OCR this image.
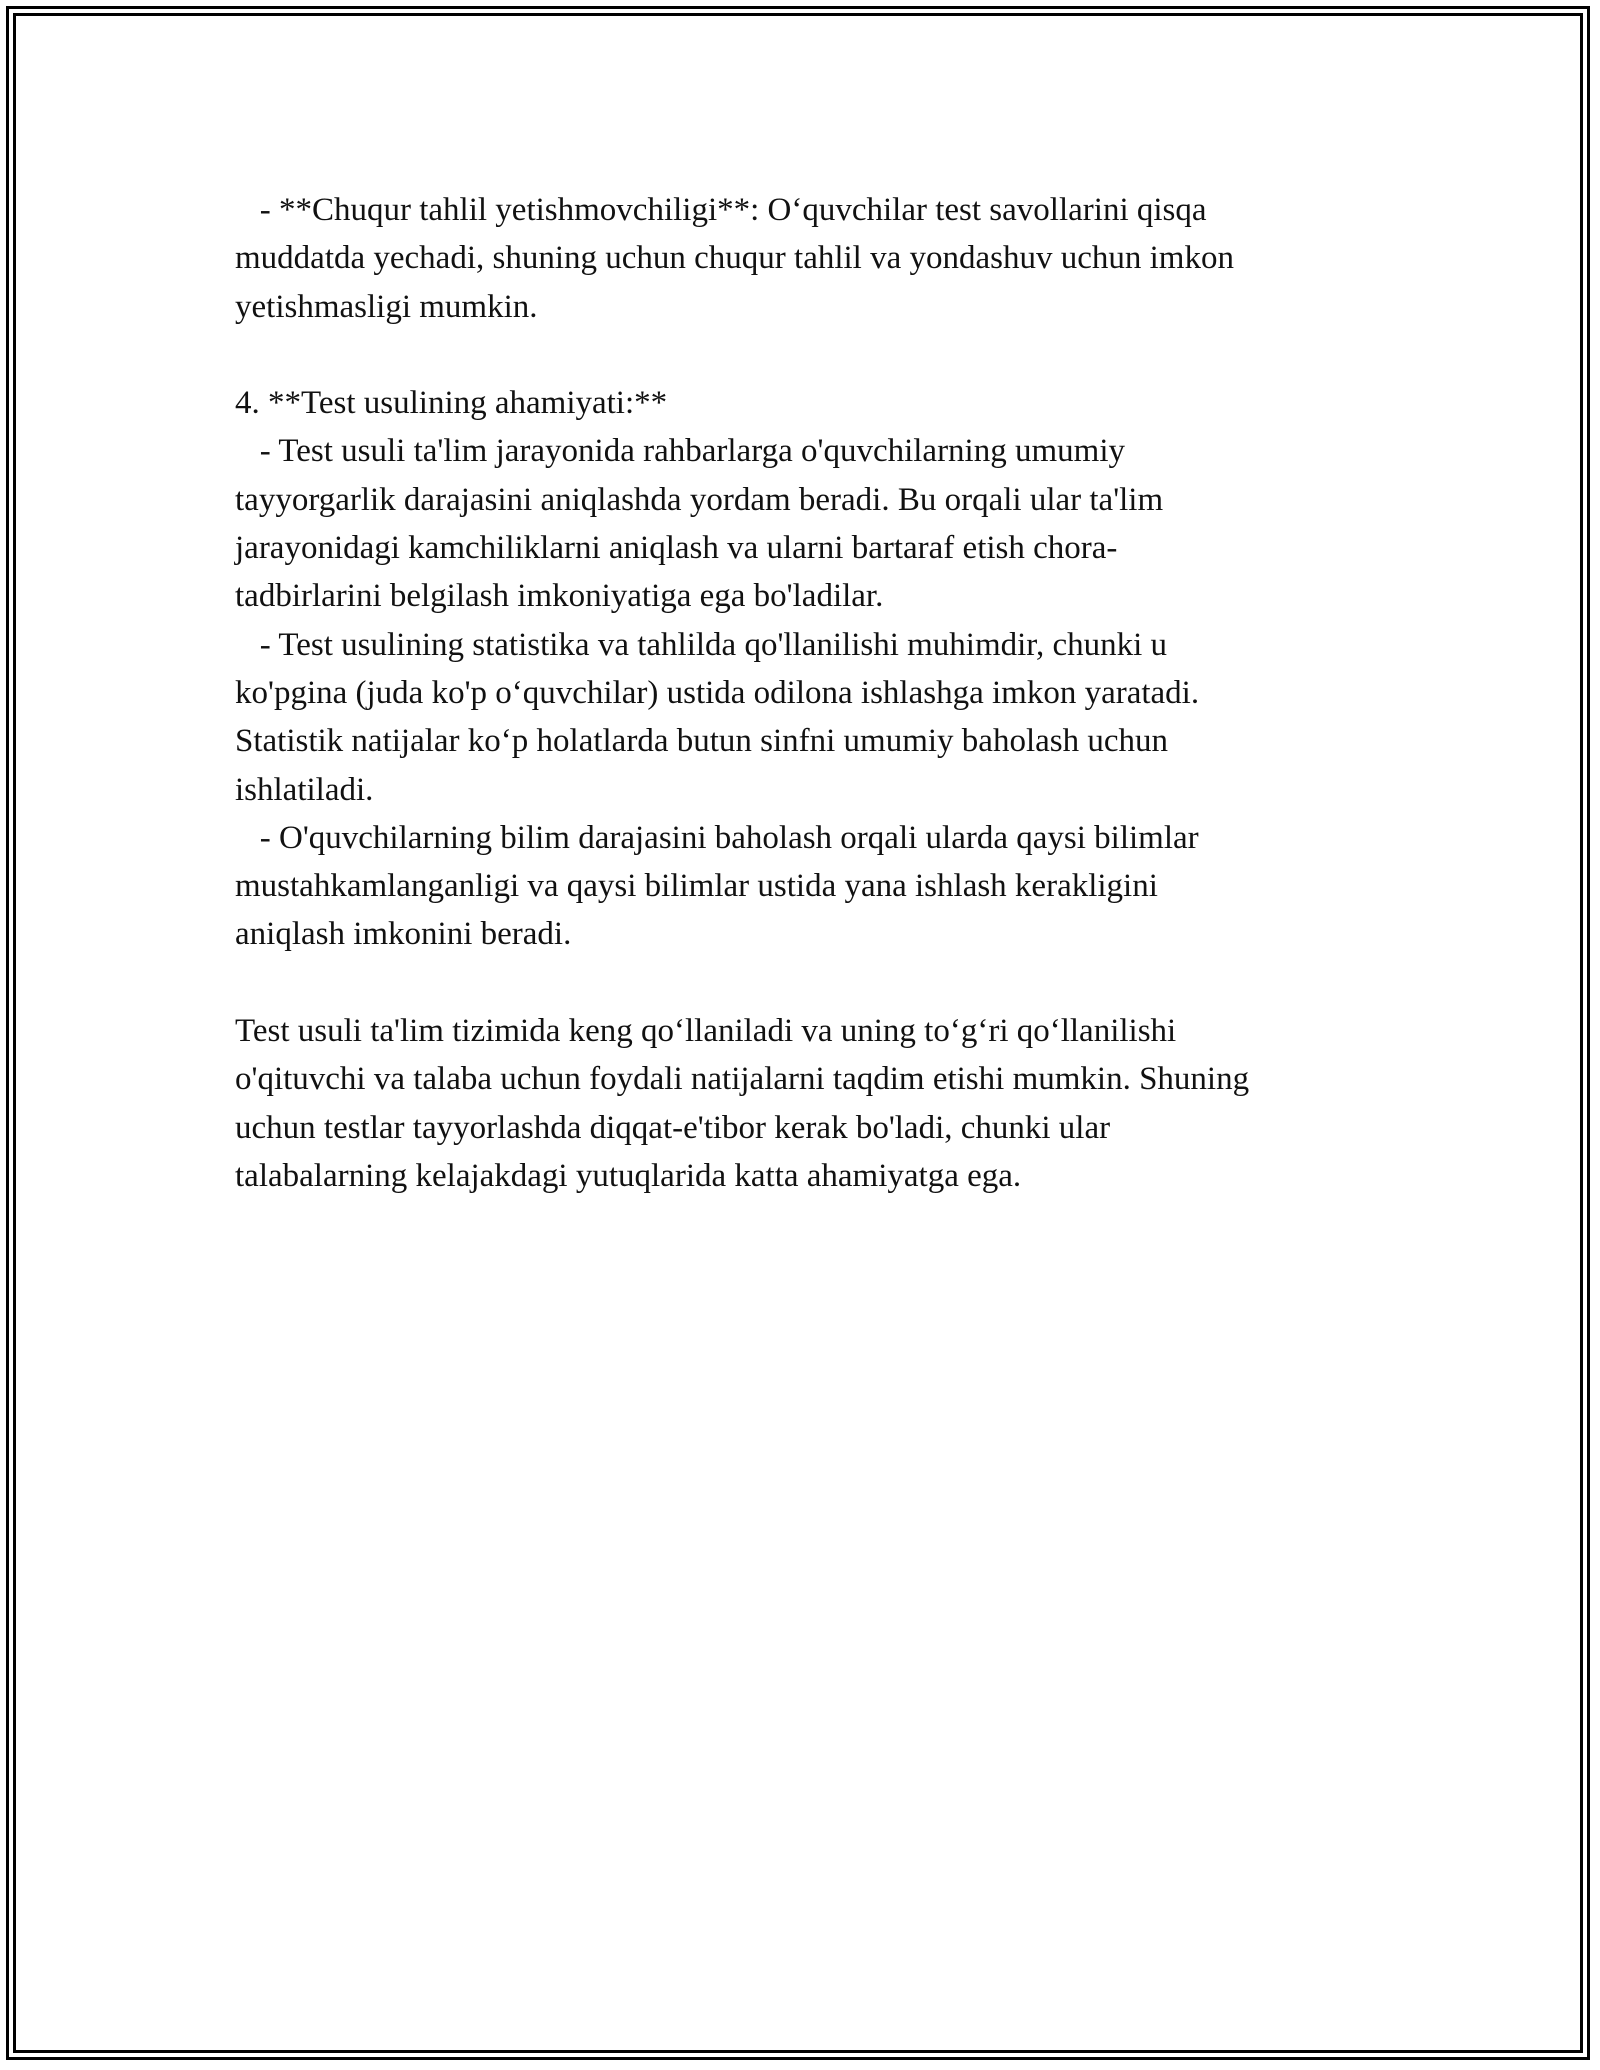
- **Chuqur tahlil yetishmovchiligi**: O‘quvchilar test savollarini qisqa
muddatda yechadi, shuning uchun chuqur tahlil va yondashuv uchun imkon
yetishmasligi mumkin.
4. **Test usulining ahamiyati:**
- Test usuli ta'lim jarayonida rahbarlarga o'quvchilarning umumiy
tayyorgarlik darajasini aniqlashda yordam beradi. Bu orqali ular ta'lim
jarayonidagi kamchiliklarni aniqlash va ularni bartaraf etish chora-
tadbirlarini belgilash imkoniyatiga ega bo'ladilar.
- Test usulining statistika va tahlilda qo'llanilishi muhimdir, chunki u
ko'pgina (juda ko'p o‘quvchilar) ustida odilona ishlashga imkon yaratadi.
Statistik natijalar ko‘p holatlarda butun sinfni umumiy baholash uchun
ishlatiladi.
- O'quvchilarning bilim darajasini baholash orqali ularda qaysi bilimlar
mustahkamlanganligi va qaysi bilimlar ustida yana ishlash kerakligini
aniqlash imkonini beradi.
Test usuli ta'lim tizimida keng qo‘llaniladi va uning to‘g‘ri qo‘llanilishi
o'qituvchi va talaba uchun foydali natijalarni taqdim etishi mumkin. Shuning
uchun testlar tayyorlashda diqqat-e'tibor kerak bo'ladi, chunki ular
talabalarning kelajakdagi yutuqlarida katta ahamiyatga ega.
